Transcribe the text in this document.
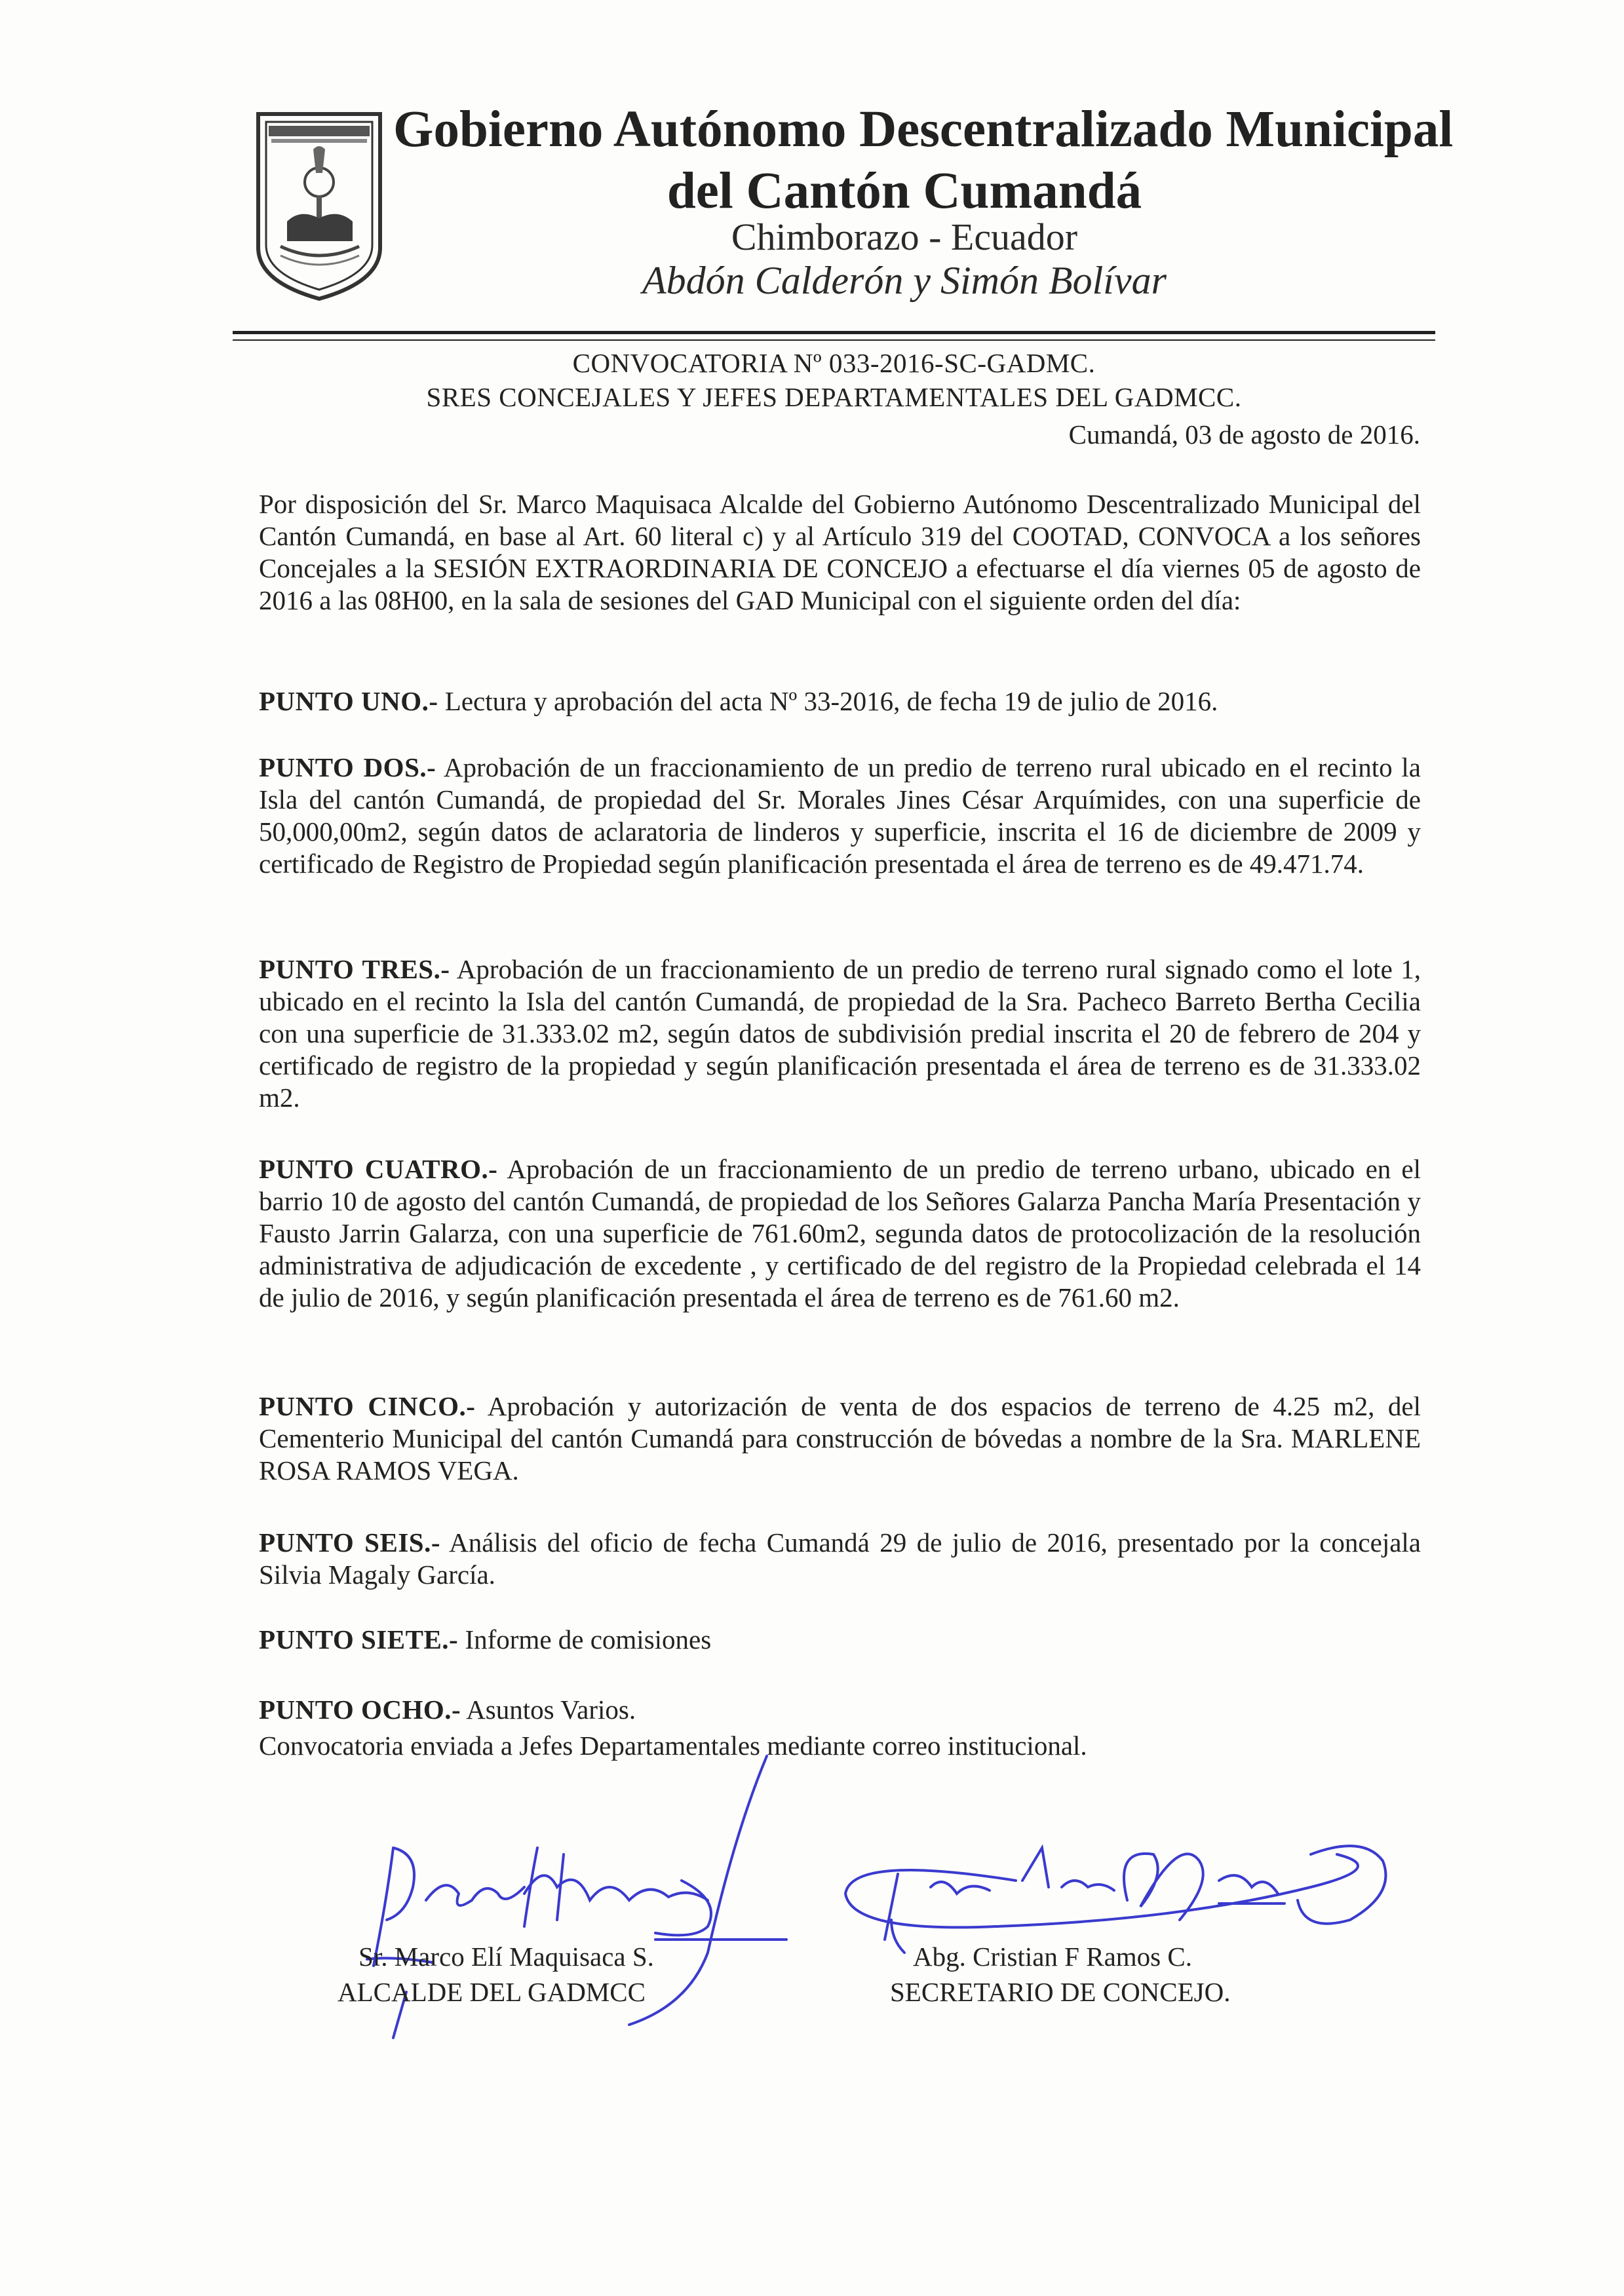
Gobierno Autónomo Descentralizado Municipal
del Cantón Cumandá
Chimborazo - Ecuador
Abdón Calderón y Simón Bolívar
CONVOCATORIA Nº 033-2016-SC-GADMC.
SRES CONCEJALES Y JEFES DEPARTAMENTALES DEL GADMCC.
Cumandá, 03 de agosto de 2016.

Por disposición del Sr. Marco Maquisaca Alcalde del Gobierno Autónomo Descentralizado Municipal del Cantón Cumandá, en base al Art. 60 literal c) y al Artículo 319 del COOTAD, CONVOCA a los señores Concejales a la SESIÓN EXTRAORDINARIA DE CONCEJO a efectuarse el día viernes 05 de agosto de 2016 a las 08H00, en la sala de sesiones del GAD Municipal con el siguiente orden del día:

PUNTO UNO.- Lectura y aprobación del acta Nº 33-2016, de fecha 19 de julio de 2016.

PUNTO DOS.- Aprobación de un fraccionamiento de un predio de terreno rural ubicado en el recinto la Isla del cantón Cumandá, de propiedad del Sr. Morales Jines César Arquímides, con una superficie de 50,000,00m2, según datos de aclaratoria de linderos y superficie, inscrita el 16 de diciembre de 2009 y certificado de Registro de Propiedad según planificación presentada el área de terreno es de 49.471.74.

PUNTO TRES.- Aprobación de un fraccionamiento de un predio de terreno rural signado como el lote 1, ubicado en el recinto la Isla del cantón Cumandá, de propiedad de la Sra. Pacheco Barreto Bertha Cecilia con una superficie de 31.333.02 m2, según datos de subdivisión predial inscrita el 20 de febrero de 204 y certificado de registro de la propiedad y según planificación presentada el área de terreno es de 31.333.02 m2.

PUNTO CUATRO.- Aprobación de un fraccionamiento de un predio de terreno urbano, ubicado en el barrio 10 de agosto del cantón Cumandá, de propiedad de los Señores Galarza Pancha María Presentación y Fausto Jarrin Galarza, con una superficie de 761.60m2, segunda datos de protocolización de la resolución administrativa de adjudicación de excedente , y certificado de del registro de la Propiedad celebrada el 14 de julio de 2016, y según planificación presentada el área de terreno es de 761.60 m2.

PUNTO CINCO.- Aprobación y autorización de venta de dos espacios de terreno de 4.25 m2, del Cementerio Municipal del cantón Cumandá para construcción de bóvedas a nombre de la Sra. MARLENE ROSA RAMOS VEGA.

PUNTO SEIS.- Análisis del oficio de fecha Cumandá 29 de julio de 2016, presentado por la concejala Silvia Magaly García.

PUNTO SIETE.- Informe de comisiones

PUNTO OCHO.- Asuntos Varios.

Convocatoria enviada a Jefes Departamentales mediante correo institucional.

Sr. Marco Elí Maquisaca S.
ALCALDE DEL GADMCC
Abg. Cristian F Ramos C.
SECRETARIO DE CONCEJO.
